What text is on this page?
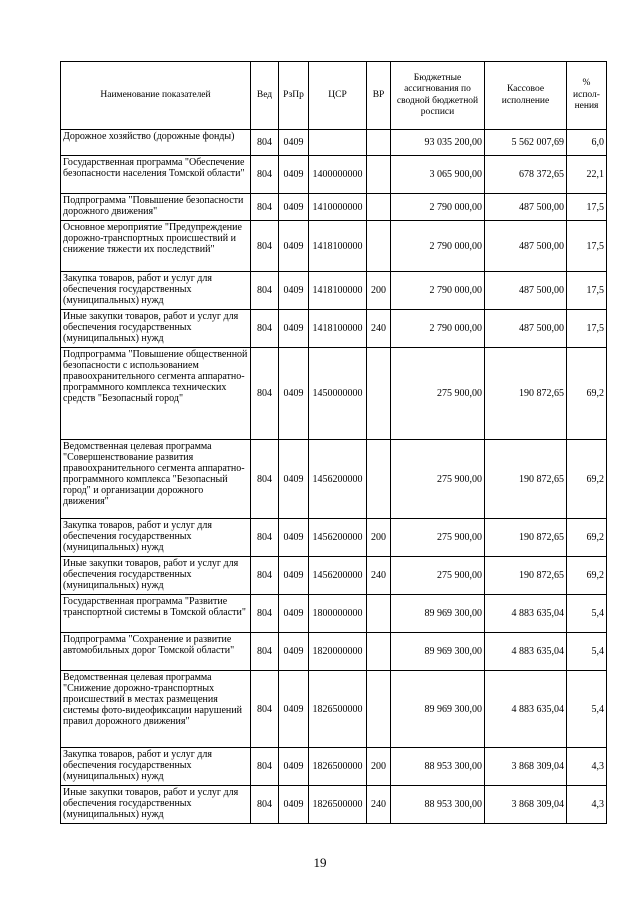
Наименование показателей	Вед	РзПр	ЦСР	ВР	Бюджетные ассигнования по сводной бюджетной росписи	Кассовое исполнение	% испол-нения
Дорожное хозяйство (дорожные фонды)	804	0409			93 035 200,00	5 562 007,69	6,0
Государственная программа "Обеспечение безопасности населения Томской области"	804	0409	1400000000		3 065 900,00	678 372,65	22,1
Подпрограмма "Повышение безопасности дорожного движения"	804	0409	1410000000		2 790 000,00	487 500,00	17,5
Основное мероприятие "Предупреждение дорожно-транспортных происшествий и снижение тяжести их последствий"	804	0409	1418100000		2 790 000,00	487 500,00	17,5
Закупка товаров, работ и услуг для обеспечения государственных (муниципальных) нужд	804	0409	1418100000	200	2 790 000,00	487 500,00	17,5
Иные закупки товаров, работ и услуг для обеспечения государственных (муниципальных) нужд	804	0409	1418100000	240	2 790 000,00	487 500,00	17,5
Подпрограмма "Повышение общественной безопасности с использованием правоохранительного сегмента аппаратно-программного комплекса технических средств "Безопасный город"	804	0409	1450000000		275 900,00	190 872,65	69,2
Ведомственная целевая программа "Совершенствование развития правоохранительного сегмента аппаратно-программного комплекса "Безопасный город" и организации дорожного движения"	804	0409	1456200000		275 900,00	190 872,65	69,2
Закупка товаров, работ и услуг для обеспечения государственных (муниципальных) нужд	804	0409	1456200000	200	275 900,00	190 872,65	69,2
Иные закупки товаров, работ и услуг для обеспечения государственных (муниципальных) нужд	804	0409	1456200000	240	275 900,00	190 872,65	69,2
Государственная программа "Развитие транспортной системы в Томской области"	804	0409	1800000000		89 969 300,00	4 883 635,04	5,4
Подпрограмма "Сохранение и развитие автомобильных дорог Томской области"	804	0409	1820000000		89 969 300,00	4 883 635,04	5,4
Ведомственная целевая программа "Снижение дорожно-транспортных происшествий в местах размещения системы фото-видеофиксации нарушений правил дорожного движения"	804	0409	1826500000		89 969 300,00	4 883 635,04	5,4
Закупка товаров, работ и услуг для обеспечения государственных (муниципальных) нужд	804	0409	1826500000	200	88 953 300,00	3 868 309,04	4,3
Иные закупки товаров, работ и услуг для обеспечения государственных (муниципальных) нужд	804	0409	1826500000	240	88 953 300,00	3 868 309,04	4,3
19
